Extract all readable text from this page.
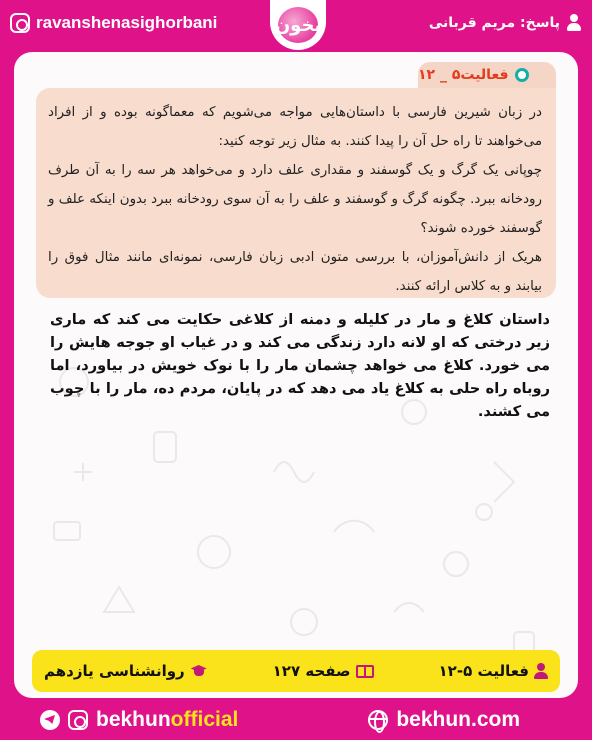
ravanshenasighorbani	پاسخ: مریم قربانی
بخون
فعالیت۵ _ ۱۲

در زبان شیرین فارسی با داستان‌هایی مواجه می‌شویم که معماگونه بوده و از افراد می‌خواهند تا راه حل آن را پیدا کنند. به مثال زیر توجه کنید:

چوپانی یک گرگ و یک گوسفند و مقداری علف دارد و می‌خواهد هر سه را به آن طرف رودخانه ببرد. چگونه گرگ و گوسفند و علف را به آن سوی رودخانه ببرد بدون اینکه علف و گوسفند خورده شوند؟

هریک از دانش‌آموزان، با بررسی متون ادبی زبان فارسی، نمونه‌ای مانند مثال فوق را بیابند و به کلاس ارائه کنند.

داستان کلاغ و مار در کلیله و دمنه از کلاغی حکایت می کند که ماری زیر درختی که او لانه دارد زندگی می کند و در غیاب او جوجه هایش را می خورد. کلاغ می خواهد چشمان مار را با نوک خویش در بیاورد، اما روباه راه حلی به کلاغ یاد می دهد که در پایان، مردم ده، مار را با چوب می کشند.
فعالیت ۵-۱۲
صفحه ۱۲۷
روانشناسی یازدهم
bekhunofficial	bekhun.com
